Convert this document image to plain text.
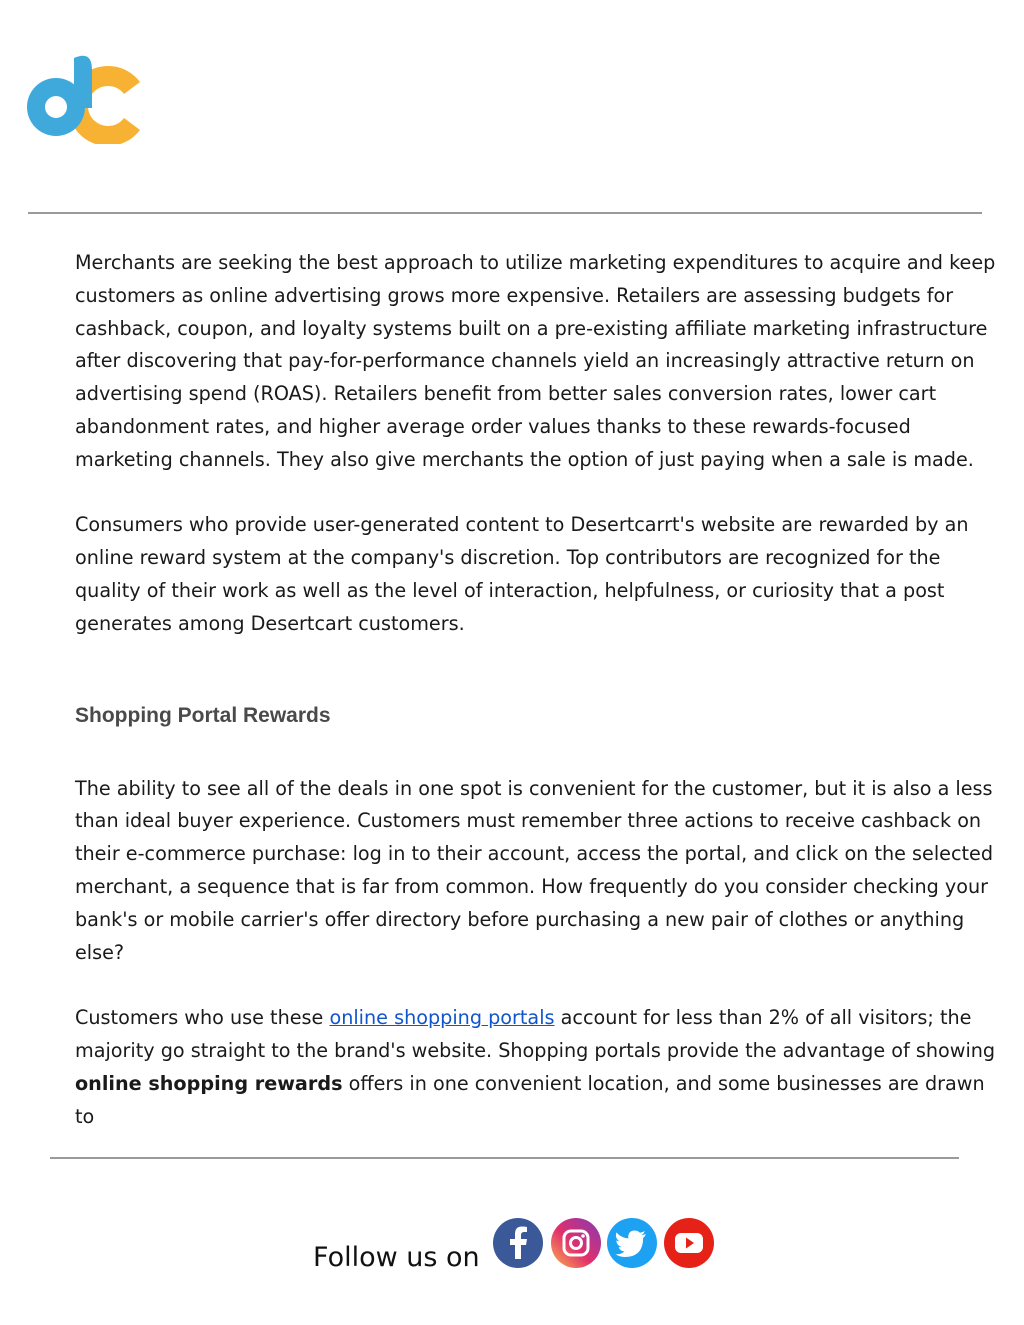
Merchants are seeking the best approach to utilize marketing expenditures to acquire and keep customers as online advertising grows more expensive. Retailers are assessing budgets for cashback, coupon, and loyalty systems built on a pre-existing affiliate marketing infrastructure after discovering that pay-for-performance channels yield an increasingly attractive return on advertising spend (ROAS). Retailers benefit from better sales conversion rates, lower cart abandonment rates, and higher average order values thanks to these rewards-focused marketing channels. They also give merchants the option of just paying when a sale is made.

Consumers who provide user-generated content to Desertcarrt's website are rewarded by an online reward system at the company's discretion. Top contributors are recognized for the quality of their work as well as the level of interaction, helpfulness, or curiosity that a post generates among Desertcart customers.

Shopping Portal Rewards

The ability to see all of the deals in one spot is convenient for the customer, but it is also a less than ideal buyer experience. Customers must remember three actions to receive cashback on their e-commerce purchase: log in to their account, access the portal, and click on the selected merchant, a sequence that is far from common. How frequently do you consider checking your bank's or mobile carrier's offer directory before purchasing a new pair of clothes or anything else?

Customers who use these online shopping portals account for less than 2% of all visitors; the majority go straight to the brand's website. Shopping portals provide the advantage of showing online shopping rewards offers in one convenient location, and some businesses are drawn to

Follow us on
